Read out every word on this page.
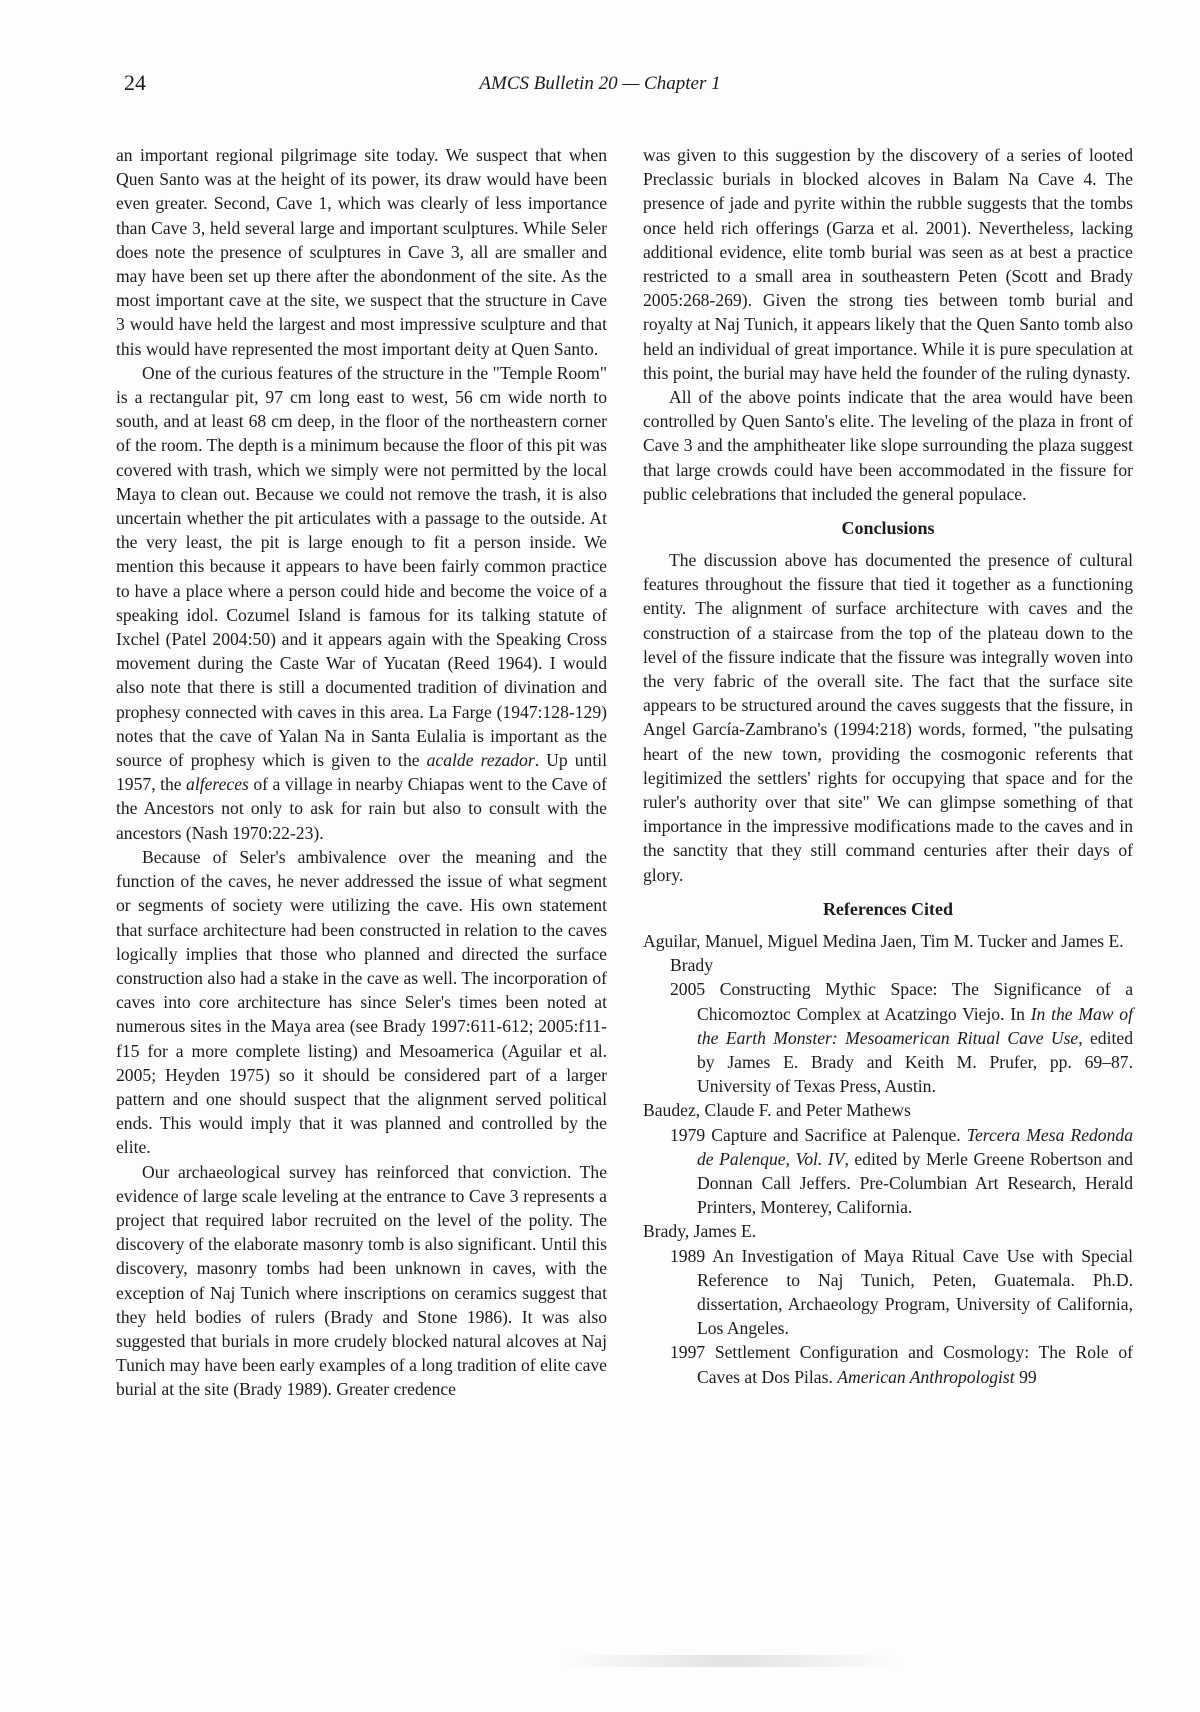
24	AMCS Bulletin 20 — Chapter 1

an important regional pilgrimage site today. We suspect that when Quen Santo was at the height of its power, its draw would have been even greater. Second, Cave 1, which was clearly of less importance than Cave 3, held several large and important sculptures. While Seler does note the presence of sculptures in Cave 3, all are smaller and may have been set up there after the abondonment of the site. As the most important cave at the site, we suspect that the structure in Cave 3 would have held the largest and most impressive sculpture and that this would have represented the most important deity at Quen Santo.

One of the curious features of the structure in the "Temple Room" is a rectangular pit, 97 cm long east to west, 56 cm wide north to south, and at least 68 cm deep, in the floor of the northeastern corner of the room. The depth is a minimum because the floor of this pit was covered with trash, which we simply were not permitted by the local Maya to clean out. Because we could not remove the trash, it is also uncertain whether the pit articulates with a passage to the outside. At the very least, the pit is large enough to fit a person inside. We mention this because it appears to have been fairly common practice to have a place where a person could hide and become the voice of a speaking idol. Cozumel Island is famous for its talking statute of Ixchel (Patel 2004:50) and it appears again with the Speaking Cross movement during the Caste War of Yucatan (Reed 1964). I would also note that there is still a documented tradition of divination and prophesy connected with caves in this area. La Farge (1947:128-129) notes that the cave of Yalan Na in Santa Eulalia is important as the source of prophesy which is given to the acalde rezador. Up until 1957, the alfereces of a village in nearby Chiapas went to the Cave of the Ancestors not only to ask for rain but also to consult with the ancestors (Nash 1970:22-23).

Because of Seler's ambivalence over the meaning and the function of the caves, he never addressed the issue of what segment or segments of society were utilizing the cave. His own statement that surface architecture had been constructed in relation to the caves logically implies that those who planned and directed the surface construction also had a stake in the cave as well. The incorporation of caves into core architecture has since Seler's times been noted at numerous sites in the Maya area (see Brady 1997:611-612; 2005:f11-f15 for a more complete listing) and Mesoamerica (Aguilar et al. 2005; Heyden 1975) so it should be considered part of a larger pattern and one should suspect that the alignment served political ends. This would imply that it was planned and controlled by the elite.

Our archaeological survey has reinforced that conviction. The evidence of large scale leveling at the entrance to Cave 3 represents a project that required labor recruited on the level of the polity. The discovery of the elaborate masonry tomb is also significant. Until this discovery, masonry tombs had been unknown in caves, with the exception of Naj Tunich where inscriptions on ceramics suggest that they held bodies of rulers (Brady and Stone 1986). It was also suggested that burials in more crudely blocked natural alcoves at Naj Tunich may have been early examples of a long tradition of elite cave burial at the site (Brady 1989). Greater credence

was given to this suggestion by the discovery of a series of looted Preclassic burials in blocked alcoves in Balam Na Cave 4. The presence of jade and pyrite within the rubble suggests that the tombs once held rich offerings (Garza et al. 2001). Nevertheless, lacking additional evidence, elite tomb burial was seen as at best a practice restricted to a small area in southeastern Peten (Scott and Brady 2005:268-269). Given the strong ties between tomb burial and royalty at Naj Tunich, it appears likely that the Quen Santo tomb also held an individual of great importance. While it is pure speculation at this point, the burial may have held the founder of the ruling dynasty.

All of the above points indicate that the area would have been controlled by Quen Santo's elite. The leveling of the plaza in front of Cave 3 and the amphitheater like slope surrounding the plaza suggest that large crowds could have been accommodated in the fissure for public celebrations that included the general populace.

Conclusions

The discussion above has documented the presence of cultural features throughout the fissure that tied it together as a functioning entity. The alignment of surface architecture with caves and the construction of a staircase from the top of the plateau down to the level of the fissure indicate that the fissure was integrally woven into the very fabric of the overall site. The fact that the surface site appears to be structured around the caves suggests that the fissure, in Angel García-Zambrano's (1994:218) words, formed, "the pulsating heart of the new town, providing the cosmogonic referents that legitimized the settlers' rights for occupying that space and for the ruler's authority over that site" We can glimpse something of that importance in the impressive modifications made to the caves and in the sanctity that they still command centuries after their days of glory.

References Cited

Aguilar, Manuel, Miguel Medina Jaen, Tim M. Tucker and James E. Brady

2005 Constructing Mythic Space: The Significance of a Chicomoztoc Complex at Acatzingo Viejo. In In the Maw of the Earth Monster: Mesoamerican Ritual Cave Use, edited by James E. Brady and Keith M. Prufer, pp. 69–87. University of Texas Press, Austin.

Baudez, Claude F. and Peter Mathews

1979 Capture and Sacrifice at Palenque. Tercera Mesa Redonda de Palenque, Vol. IV, edited by Merle Greene Robertson and Donnan Call Jeffers. Pre-Columbian Art Research, Herald Printers, Monterey, California.

Brady, James E.

1989 An Investigation of Maya Ritual Cave Use with Special Reference to Naj Tunich, Peten, Guatemala. Ph.D. dissertation, Archaeology Program, University of California, Los Angeles.

1997 Settlement Configuration and Cosmology: The Role of Caves at Dos Pilas. American Anthropologist 99
